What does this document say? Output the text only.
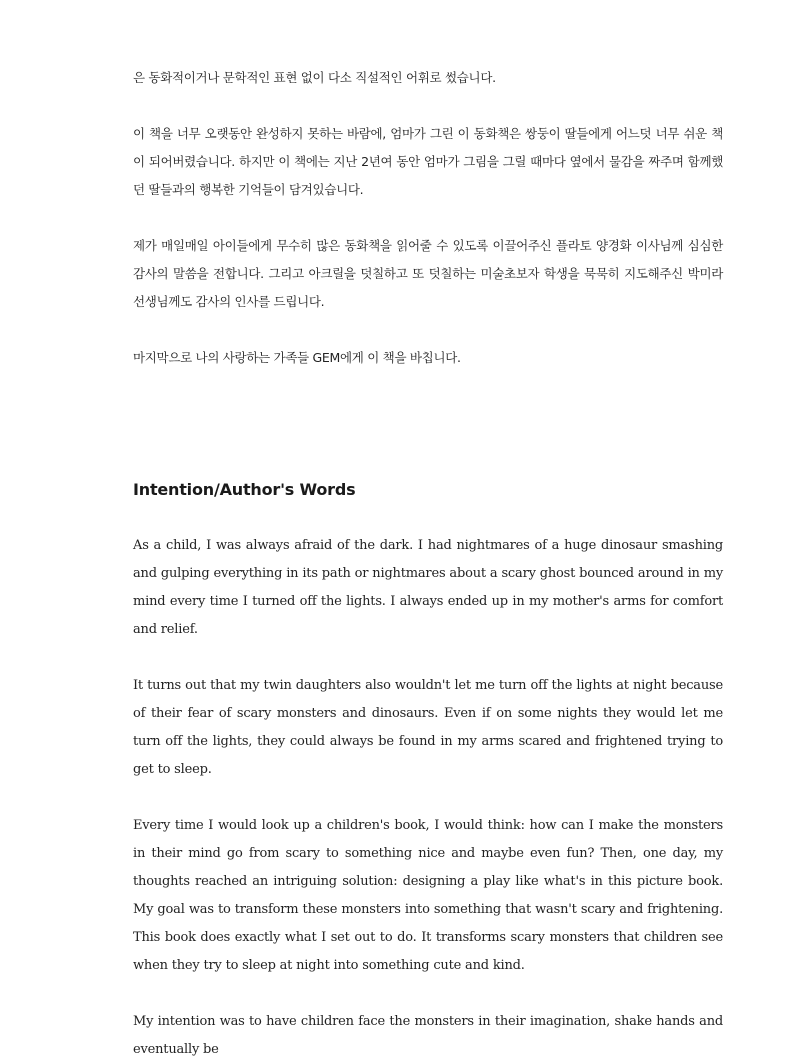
은 동화적이거나 문학적인 표현 없이 다소 직설적인 어휘로 썼습니다.

이 책을 너무 오랫동안 완성하지 못하는 바람에, 엄마가 그린 이 동화책은 쌍둥이 딸들에게 어느덧 너무 쉬운 책이 되어버렸습니다. 하지만 이 책에는 지난 2년여 동안 엄마가 그림을 그릴 때마다 옆에서 물감을 짜주며 함께했던 딸들과의 행복한 기억들이 담겨있습니다.

제가 매일매일 아이들에게 무수히 많은 동화책을 읽어줄 수 있도록 이끌어주신 플라토 양경화 이사님께 심심한 감사의 말씀을 전합니다. 그리고 아크릴을 덧칠하고 또 덧칠하는 미술초보자 학생을 묵묵히 지도해주신 박미라 선생님께도 감사의 인사를 드립니다.

마지막으로 나의 사랑하는 가족들 GEM에게 이 책을 바칩니다.

Intention/Author's Words

As a child, I was always afraid of the dark. I had nightmares of a huge dinosaur smashing and gulping everything in its path or nightmares about a scary ghost bounced around in my mind every time I turned off the lights. I always ended up in my mother's arms for comfort and relief.

It turns out that my twin daughters also wouldn't let me turn off the lights at night because of their fear of scary monsters and dinosaurs. Even if on some nights they would let me turn off the lights, they could always be found in my arms scared and frightened trying to get to sleep.

Every time I would look up a children's book, I would think: how can I make the monsters in their mind go from scary to something nice and maybe even fun? Then, one day, my thoughts reached an intriguing solution: designing a play like what's in this picture book. My goal was to transform these monsters into something that wasn't scary and frightening. This book does exactly what I set out to do. It transforms scary monsters that children see when they try to sleep at night into something cute and kind.

My intention was to have children face the monsters in their imagination, shake hands and eventually be
